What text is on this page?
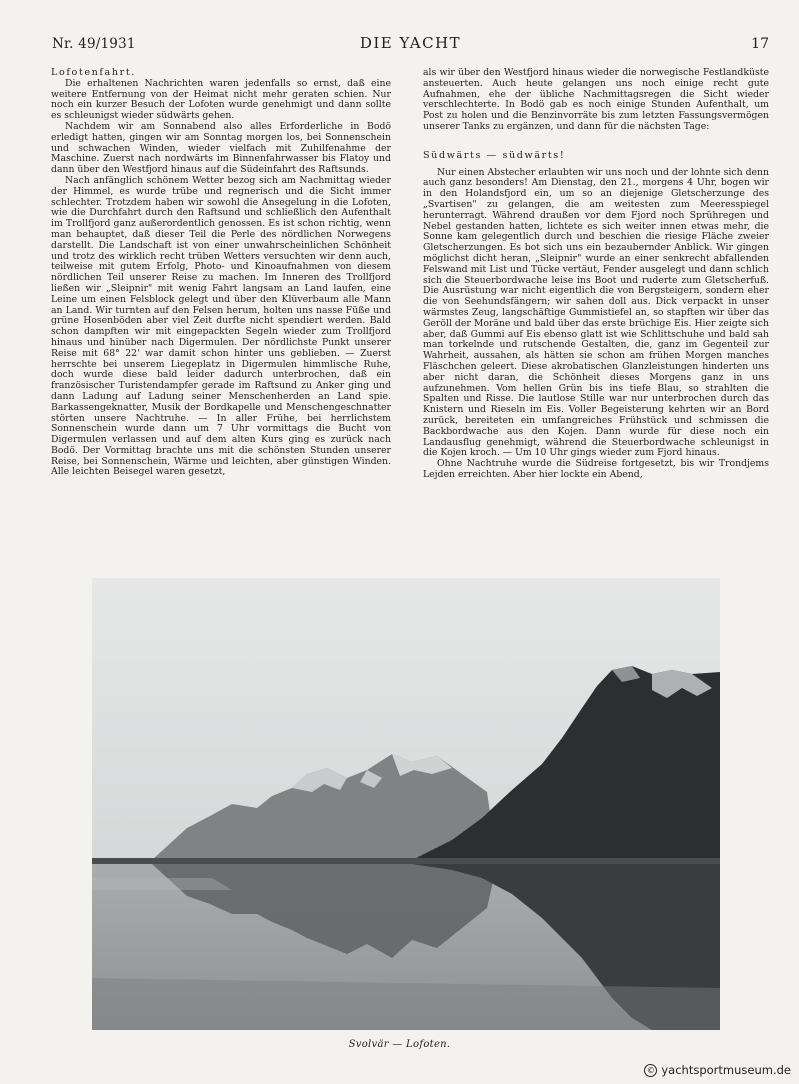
Nr. 49/1931	DIE YACHT	17

Lofotenfahrt.

Die erhaltenen Nachrichten waren jedenfalls so ernst, daß eine weitere Entfernung von der Heimat nicht mehr geraten schien. Nur noch ein kurzer Besuch der Lofoten wurde genehmigt und dann sollte es schleunigst wieder südwärts gehen.

Nachdem wir am Sonnabend also alles Erforderliche in Bodö erledigt hatten, gingen wir am Sonntag morgen los, bei Sonnenschein und schwachen Winden, wieder vielfach mit Zuhilfenahme der Maschine. Zuerst nach nordwärts im Binnenfahrwasser bis Flatoy und dann über den Westfjord hinaus auf die Südeinfahrt des Raftsunds.

Nach anfänglich schönem Wetter bezog sich am Nachmittag wieder der Himmel, es wurde trübe und regnerisch und die Sicht immer schlechter. Trotzdem haben wir sowohl die Ansegelung in die Lofoten, wie die Durchfahrt durch den Raftsund und schließlich den Aufenthalt im Trollfjord ganz außerordentlich genossen. Es ist schon richtig, wenn man behauptet, daß dieser Teil die Perle des nördlichen Norwegens darstellt. Die Landschaft ist von einer unwahrscheinlichen Schönheit und trotz des wirklich recht trüben Wetters versuchten wir denn auch, teilweise mit gutem Erfolg, Photo- und Kinoaufnahmen von diesem nördlichen Teil unserer Reise zu machen. Im Inneren des Trollfjord ließen wir „Sleipnir" mit wenig Fahrt langsam an Land laufen, eine Leine um einen Felsblock gelegt und über den Klüverbaum alle Mann an Land. Wir turnten auf den Felsen herum, holten uns nasse Füße und grüne Hosenböden aber viel Zeit durfte nicht spendiert werden. Bald schon dampften wir mit eingepackten Segeln wieder zum Trollfjord hinaus und hinüber nach Digermulen. Der nördlichste Punkt unserer Reise mit 68° 22' war damit schon hinter uns geblieben. — Zuerst herrschte bei unserem Liegeplatz in Digermulen himmlische Ruhe, doch wurde diese bald leider dadurch unterbrochen, daß ein französischer Turistendampfer gerade im Raftsund zu Anker ging und dann Ladung auf Ladung seiner Menschenherden an Land spie. Barkassengeknatter, Musik der Bordkapelle und Menschengeschnatter störten unsere Nachtruhe. — In aller Frühe, bei herrlichstem Sonnenschein wurde dann um 7 Uhr vormittags die Bucht von Digermulen verlassen und auf dem alten Kurs ging es zurück nach Bodö. Der Vormittag brachte uns mit die schönsten Stunden unserer Reise, bei Sonnenschein, Wärme und leichten, aber günstigen Winden. Alle leichten Beisegel waren gesetzt,

als wir über den Westfjord hinaus wieder die norwegische Festlandküste ansteuerten. Auch heute gelangen uns noch einige recht gute Aufnahmen, ehe der übliche Nachmittagsregen die Sicht wieder verschlechterte. In Bodö gab es noch einige Stunden Aufenthalt, um Post zu holen und die Benzinvorräte bis zum letzten Fassungsvermögen unserer Tanks zu ergänzen, und dann für die nächsten Tage:

Südwärts — südwärts!

Nur einen Abstecher erlaubten wir uns noch und der lohnte sich denn auch ganz besonders! Am Dienstag, den 21., morgens 4 Uhr, bogen wir in den Holandsfjord ein, um so an diejenige Gletscherzunge des „Svartisen" zu gelangen, die am weitesten zum Meeresspiegel herunterragt. Während draußen vor dem Fjord noch Sprühregen und Nebel gestanden hatten, lichtete es sich weiter innen etwas mehr, die Sonne kam gelegentlich durch und beschien die riesige Fläche zweier Gletscherzungen. Es bot sich uns ein bezaubernder Anblick. Wir gingen möglichst dicht heran, „Sleipnir" wurde an einer senkrecht abfallenden Felswand mit List und Tücke vertäut, Fender ausgelegt und dann schlich sich die Steuerbordwache leise ins Boot und ruderte zum Gletscherfuß. Die Ausrüstung war nicht eigentlich die von Bergsteigern, sondern eher die von Seehundsfängern; wir sahen doll aus. Dick verpackt in unser wärmstes Zeug, langschäftige Gummistiefel an, so stapften wir über das Geröll der Moräne und bald über das erste brüchige Eis. Hier zeigte sich aber, daß Gummi auf Eis ebenso glatt ist wie Schlittschuhe und bald sah man torkelnde und rutschende Gestalten, die, ganz im Gegenteil zur Wahrheit, aussahen, als hätten sie schon am frühen Morgen manches Fläschchen geleert. Diese akrobatischen Glanzleistungen hinderten uns aber nicht daran, die Schönheit dieses Morgens ganz in uns aufzunehmen. Vom hellen Grün bis ins tiefe Blau, so strahlten die Spalten und Risse. Die lautlose Stille war nur unterbrochen durch das Knistern und Rieseln im Eis. Voller Begeisterung kehrten wir an Bord zurück, bereiteten ein umfangreiches Frühstück und schmissen die Backbordwache aus den Kojen. Dann wurde für diese noch ein Landausflug genehmigt, während die Steuerbordwache schleunigst in die Kojen kroch. — Um 10 Uhr gings wieder zum Fjord hinaus.

Ohne Nachtruhe wurde die Südreise fortgesetzt, bis wir Trondjems Lejden erreichten. Aber hier lockte ein Abend,

Svolvär — Lofoten.
© yachtsportmuseum.de
